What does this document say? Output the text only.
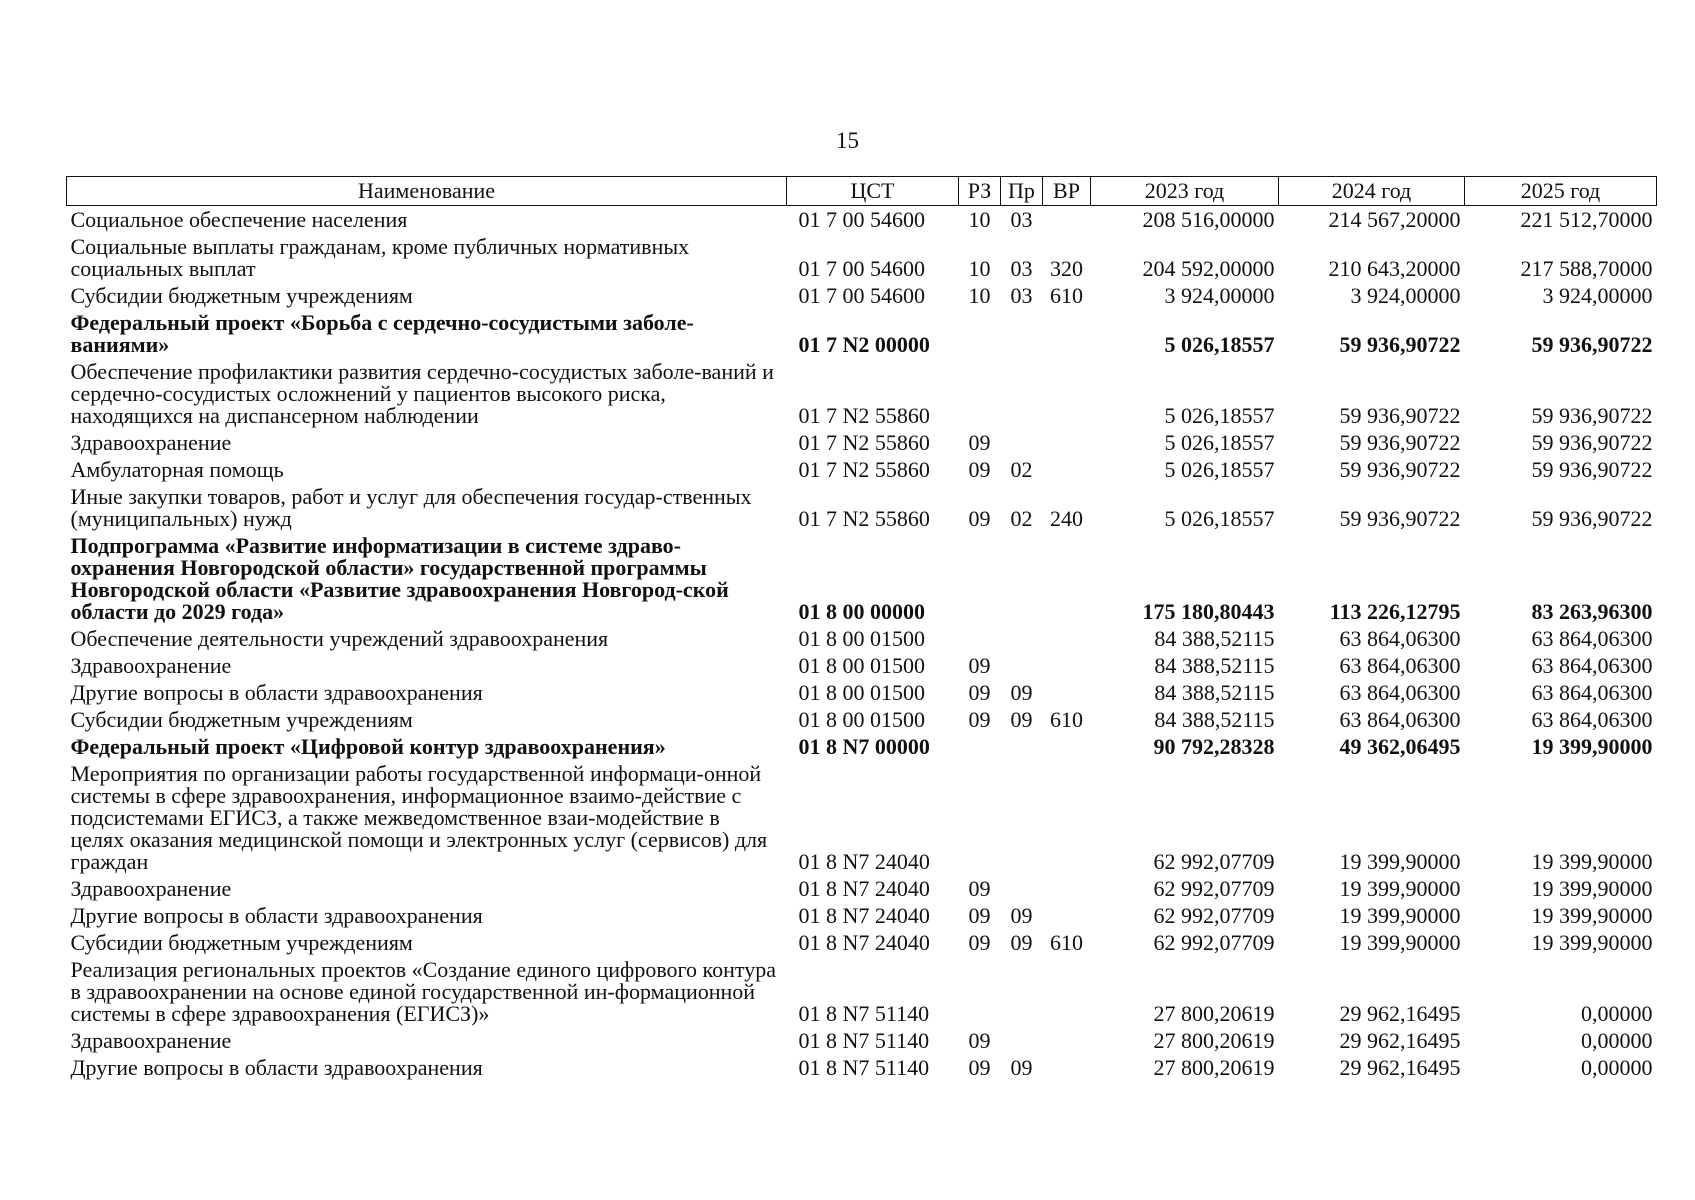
15
Наименование	ЦСТ	РЗ	Пр	ВР	2023 год	2024 год	2025 год
Социальное обеспечение населения	01 7 00 54600	10	03		208 516,00000	214 567,20000	221 512,70000
Социальные выплаты гражданам, кроме публичных нормативных социальных выплат	01 7 00 54600	10	03	320	204 592,00000	210 643,20000	217 588,70000
Субсидии бюджетным учреждениям	01 7 00 54600	10	03	610	3 924,00000	3 924,00000	3 924,00000
Федеральный проект «Борьба с сердечно-сосудистыми заболе-ваниями»	01 7 N2 00000				5 026,18557	59 936,90722	59 936,90722
Обеспечение профилактики развития сердечно-сосудистых заболе-ваний и сердечно-сосудистых осложнений у пациентов высокого риска, находящихся на диспансерном наблюдении	01 7 N2 55860				5 026,18557	59 936,90722	59 936,90722
Здравоохранение	01 7 N2 55860	09			5 026,18557	59 936,90722	59 936,90722
Амбулаторная помощь	01 7 N2 55860	09	02		5 026,18557	59 936,90722	59 936,90722
Иные закупки товаров, работ и услуг для обеспечения государ-ственных (муниципальных) нужд	01 7 N2 55860	09	02	240	5 026,18557	59 936,90722	59 936,90722
Подпрограмма «Развитие информатизации в системе здраво-охранения Новгородской области» государственной программы Новгородской области «Развитие здравоохранения Новгород-ской области до 2029 года»	01 8 00 00000				175 180,80443	113 226,12795	83 263,96300
Обеспечение деятельности учреждений здравоохранения	01 8 00 01500				84 388,52115	63 864,06300	63 864,06300
Здравоохранение	01 8 00 01500	09			84 388,52115	63 864,06300	63 864,06300
Другие вопросы в области здравоохранения	01 8 00 01500	09	09		84 388,52115	63 864,06300	63 864,06300
Субсидии бюджетным учреждениям	01 8 00 01500	09	09	610	84 388,52115	63 864,06300	63 864,06300
Федеральный проект «Цифровой контур здравоохранения»	01 8 N7 00000				90 792,28328	49 362,06495	19 399,90000
Мероприятия по организации работы государственной информаци-онной системы в сфере здравоохранения, информационное взаимо-действие с подсистемами ЕГИСЗ, а также межведомственное взаи-модействие в целях оказания медицинской помощи и электронных услуг (сервисов) для граждан	01 8 N7 24040				62 992,07709	19 399,90000	19 399,90000
Здравоохранение	01 8 N7 24040	09			62 992,07709	19 399,90000	19 399,90000
Другие вопросы в области здравоохранения	01 8 N7 24040	09	09		62 992,07709	19 399,90000	19 399,90000
Субсидии бюджетным учреждениям	01 8 N7 24040	09	09	610	62 992,07709	19 399,90000	19 399,90000
Реализация региональных проектов «Создание единого цифрового контура в здравоохранении на основе единой государственной ин-формационной системы в сфере здравоохранения (ЕГИСЗ)»	01 8 N7 51140				27 800,20619	29 962,16495	0,00000
Здравоохранение	01 8 N7 51140	09			27 800,20619	29 962,16495	0,00000
Другие вопросы в области здравоохранения	01 8 N7 51140	09	09		27 800,20619	29 962,16495	0,00000
